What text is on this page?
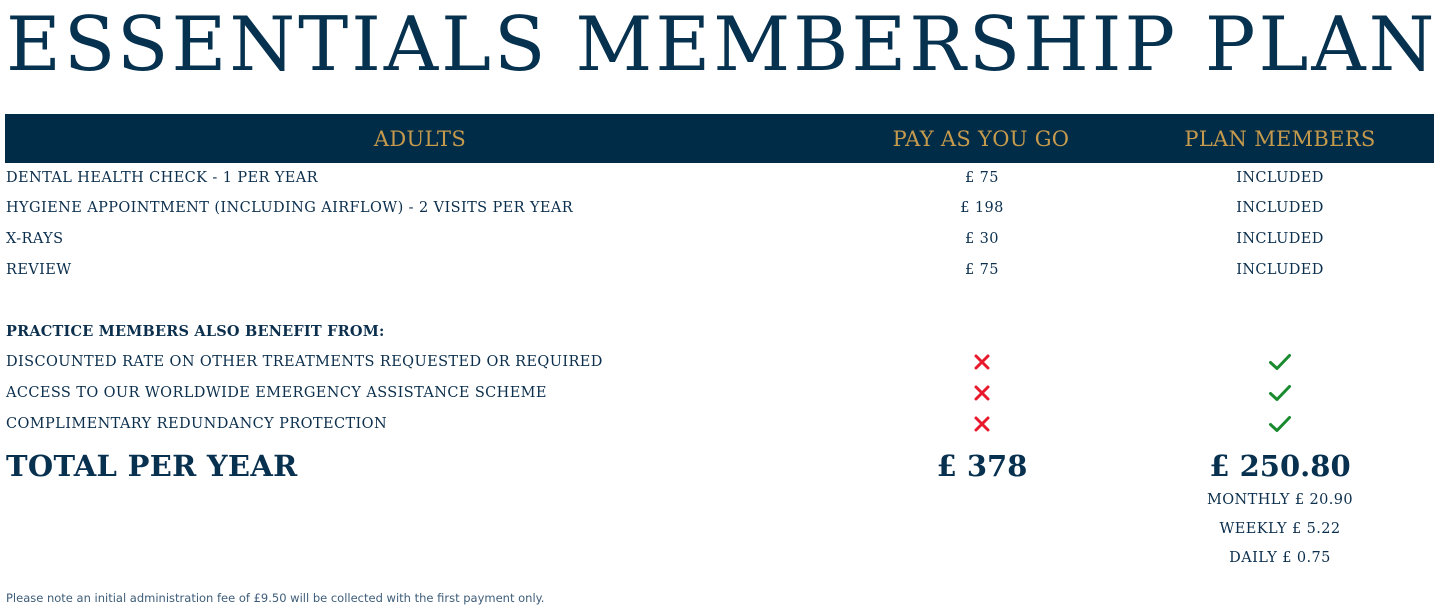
ESSENTIALS MEMBERSHIP PLAN
ADULTS	PAY AS YOU GO	PLAN MEMBERS
DENTAL HEALTH CHECK - 1 PER YEAR	£ 75	INCLUDED
HYGIENE APPOINTMENT (INCLUDING AIRFLOW) - 2 VISITS PER YEAR	£ 198	INCLUDED
X-RAYS	£ 30	INCLUDED
REVIEW	£ 75	INCLUDED
PRACTICE MEMBERS ALSO BENEFIT FROM:
DISCOUNTED RATE ON OTHER TREATMENTS REQUESTED OR REQUIRED
ACCESS TO OUR WORLDWIDE EMERGENCY ASSISTANCE SCHEME
COMPLIMENTARY REDUNDANCY PROTECTION
TOTAL PER YEAR	£ 378	£ 250.80
MONTHLY £ 20.90
WEEKLY £ 5.22
DAILY £ 0.75
Please note an initial administration fee of £9.50 will be collected with the first payment only.
